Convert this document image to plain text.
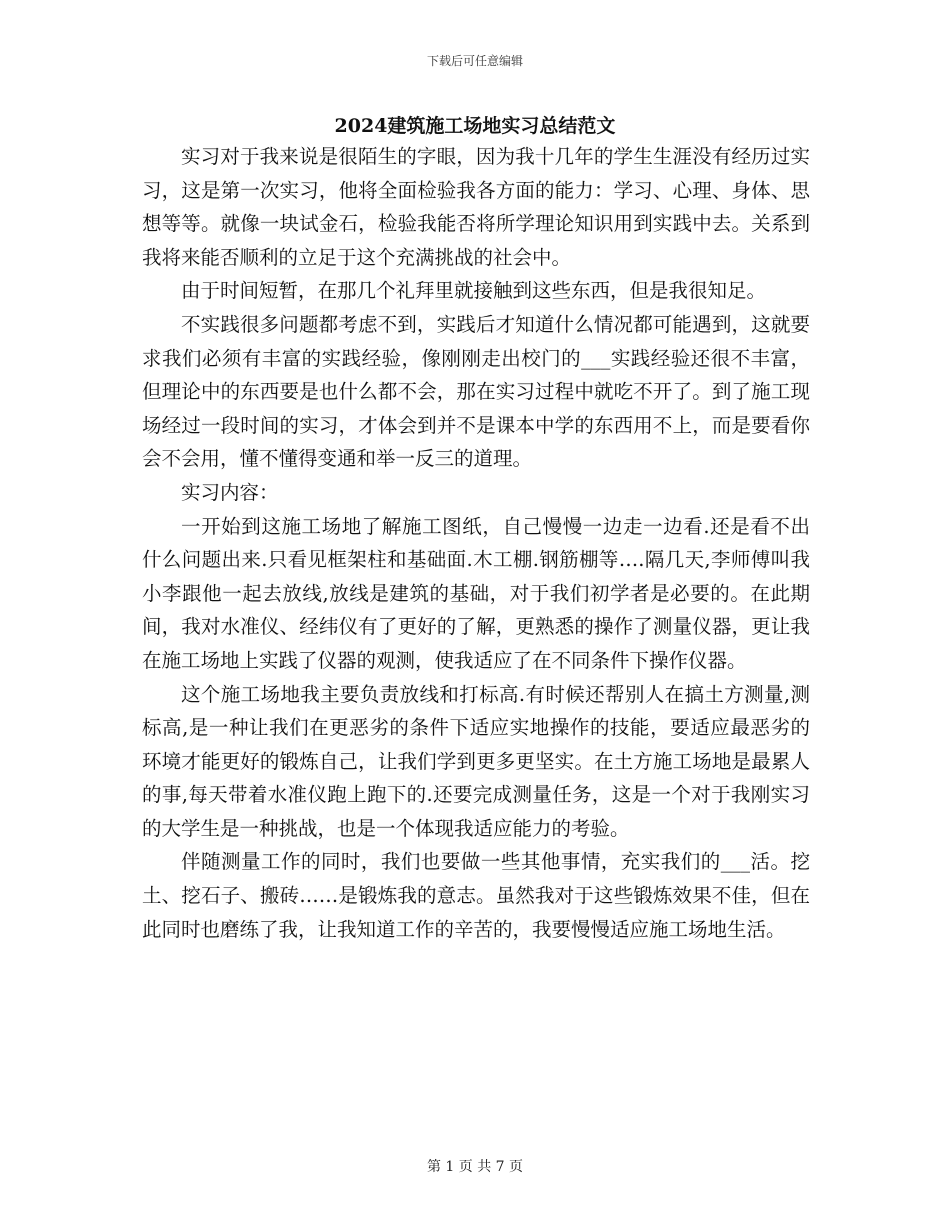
下载后可任意编辑
2024建筑施工场地实习总结范文

实习对于我来说是很陌生的字眼，因为我十几年的学生生涯没有经历过实习，这是第一次实习，他将全面检验我各方面的能力：学习、心理、身体、思想等等。就像一块试金石，检验我能否将所学理论知识用到实践中去。关系到我将来能否顺利的立足于这个充满挑战的社会中。

由于时间短暂，在那几个礼拜里就接触到这些东西，但是我很知足。

不实践很多问题都考虑不到，实践后才知道什么情况都可能遇到，这就要求我们必须有丰富的实践经验，像刚刚走出校门的___实践经验还很不丰富，但理论中的东西要是也什么都不会，那在实习过程中就吃不开了。到了施工现场经过一段时间的实习，才体会到并不是课本中学的东西用不上，而是要看你会不会用，懂不懂得变通和举一反三的道理。

实习内容：

一开始到这施工场地了解施工图纸，自己慢慢一边走一边看.还是看不出什么问题出来.只看见框架柱和基础面.木工棚.钢筋棚等….隔几天,李师傅叫我小李跟他一起去放线,放线是建筑的基础，对于我们初学者是必要的。在此期间，我对水准仪、经纬仪有了更好的了解，更熟悉的操作了测量仪器，更让我在施工场地上实践了仪器的观测，使我适应了在不同条件下操作仪器。

这个施工场地我主要负责放线和打标高.有时候还帮别人在搞土方测量,测标高,是一种让我们在更恶劣的条件下适应实地操作的技能，要适应最恶劣的环境才能更好的锻炼自己，让我们学到更多更坚实。在土方施工场地是最累人的事,每天带着水准仪跑上跑下的.还要完成测量任务，这是一个对于我刚实习的大学生是一种挑战，也是一个体现我适应能力的考验。

伴随测量工作的同时，我们也要做一些其他事情，充实我们的___活。挖土、挖石子、搬砖……是锻炼我的意志。虽然我对于这些锻炼效果不佳，但在此同时也磨练了我，让我知道工作的辛苦的，我要慢慢适应施工场地生活。

第 1 页 共 7 页
